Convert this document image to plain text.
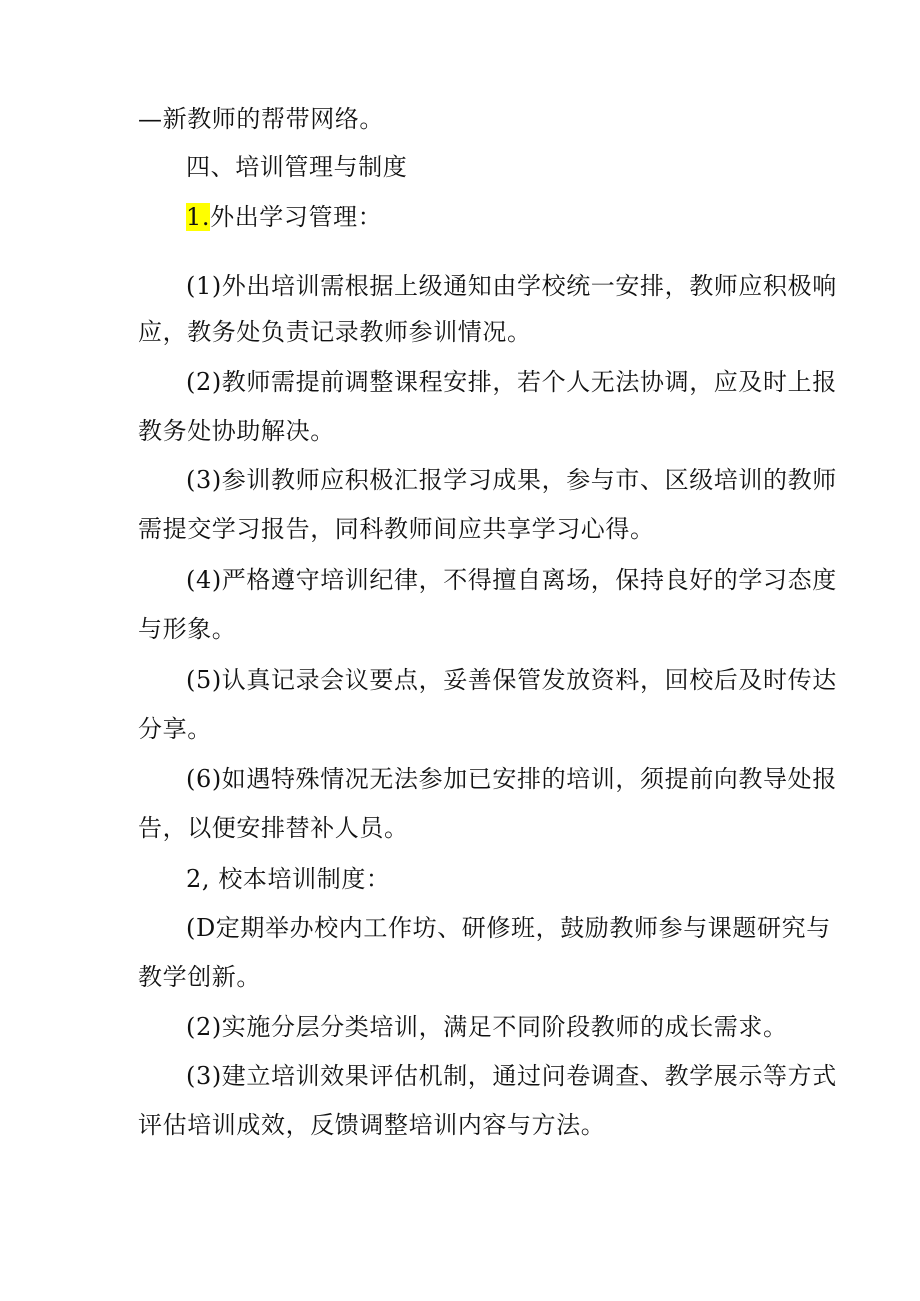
—新教师的帮带网络。
四、培训管理与制度
1.外出学习管理：
(1)外出培训需根据上级通知由学校统一安排，教师应积极响
应，教务处负责记录教师参训情况。
(2)教师需提前调整课程安排，若个人无法协调，应及时上报
教务处协助解决。
(3)参训教师应积极汇报学习成果，参与市、区级培训的教师
需提交学习报告，同科教师间应共享学习心得。
(4)严格遵守培训纪律，不得擅自离场，保持良好的学习态度
与形象。
(5)认真记录会议要点，妥善保管发放资料，回校后及时传达
分享。
(6)如遇特殊情况无法参加已安排的培训，须提前向教导处报
告，以便安排替补人员。
2, 校本培训制度：
(D定期举办校内工作坊、研修班，鼓励教师参与课题研究与
教学创新。
(2)实施分层分类培训，满足不同阶段教师的成长需求。
(3)建立培训效果评估机制，通过问卷调查、教学展示等方式
评估培训成效，反馈调整培训内容与方法。
